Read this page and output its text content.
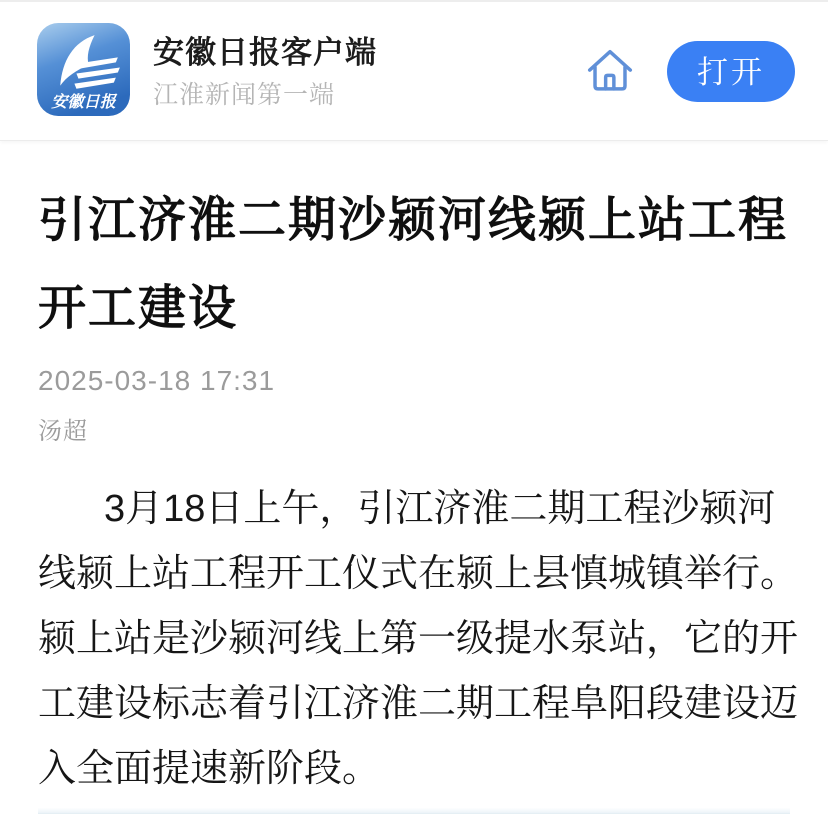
安徽日报
安徽日报客户端
江淮新闻第一端
打开
引江济淮二期沙颍河线颍上站工程
开工建设
2025-03-18 17:31
汤超
3月18日上午，引江济淮二期工程沙颍河
线颍上站工程开工仪式在颍上县慎城镇举行。
颍上站是沙颍河线上第一级提水泵站，它的开
工建设标志着引江济淮二期工程阜阳段建设迈
入全面提速新阶段。
